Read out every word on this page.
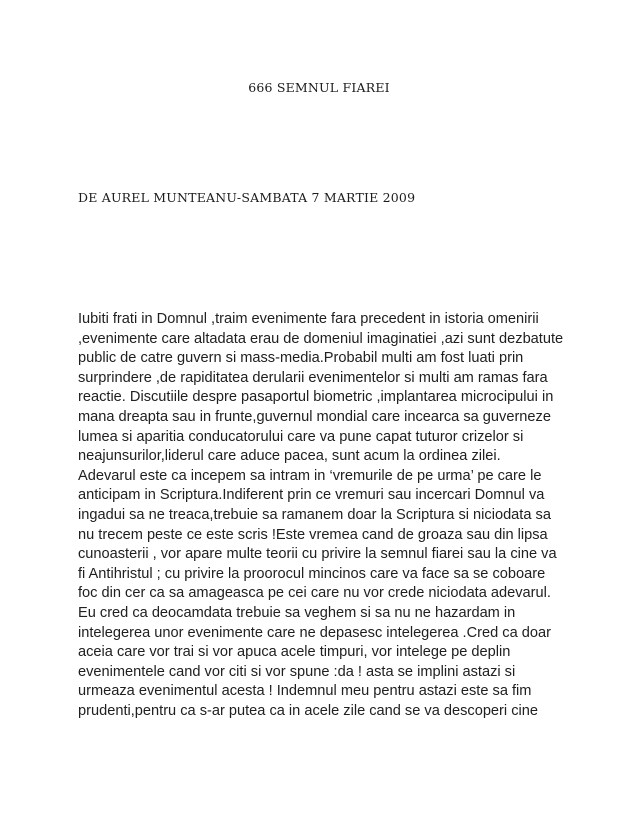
666 SEMNUL FIAREI
DE AUREL MUNTEANU-SAMBATA 7 MARTIE 2009
Iubiti frati in Domnul ,traim evenimente fara precedent in istoria omenirii
,evenimente care altadata erau de domeniul imaginatiei ,azi sunt dezbatute
public de catre guvern si mass-media.Probabil multi am fost luati prin
surprindere ,de rapiditatea derularii evenimentelor si multi am ramas fara
reactie. Discutiile despre pasaportul biometric ,implantarea microcipului in
mana dreapta sau in frunte,guvernul mondial care incearca sa guverneze
lumea si aparitia conducatorului care va pune capat tuturor crizelor si
neajunsurilor,liderul care aduce pacea, sunt acum la ordinea zilei.
Adevarul este ca incepem sa intram in ‘vremurile de pe urma’ pe care le
anticipam in Scriptura.Indiferent prin ce vremuri sau incercari Domnul va
ingadui sa ne treaca,trebuie sa ramanem doar la Scriptura si niciodata sa
nu trecem peste ce este scris !Este vremea cand de groaza sau din lipsa
cunoasterii , vor apare multe teorii cu privire la semnul fiarei sau la cine va
fi Antihristul ; cu privire la proorocul mincinos care va face sa se coboare
foc din cer ca sa amageasca pe cei care nu vor crede niciodata adevarul.
Eu cred ca deocamdata trebuie sa veghem si sa nu ne hazardam in
intelegerea unor evenimente care ne depasesc intelegerea .Cred ca doar
aceia care vor trai si vor apuca acele timpuri, vor intelege pe deplin
evenimentele cand vor citi si vor spune :da ! asta se implini astazi si
urmeaza evenimentul acesta ! Indemnul meu pentru astazi este sa fim
prudenti,pentru ca s-ar putea ca in acele zile cand se va descoperi cine
